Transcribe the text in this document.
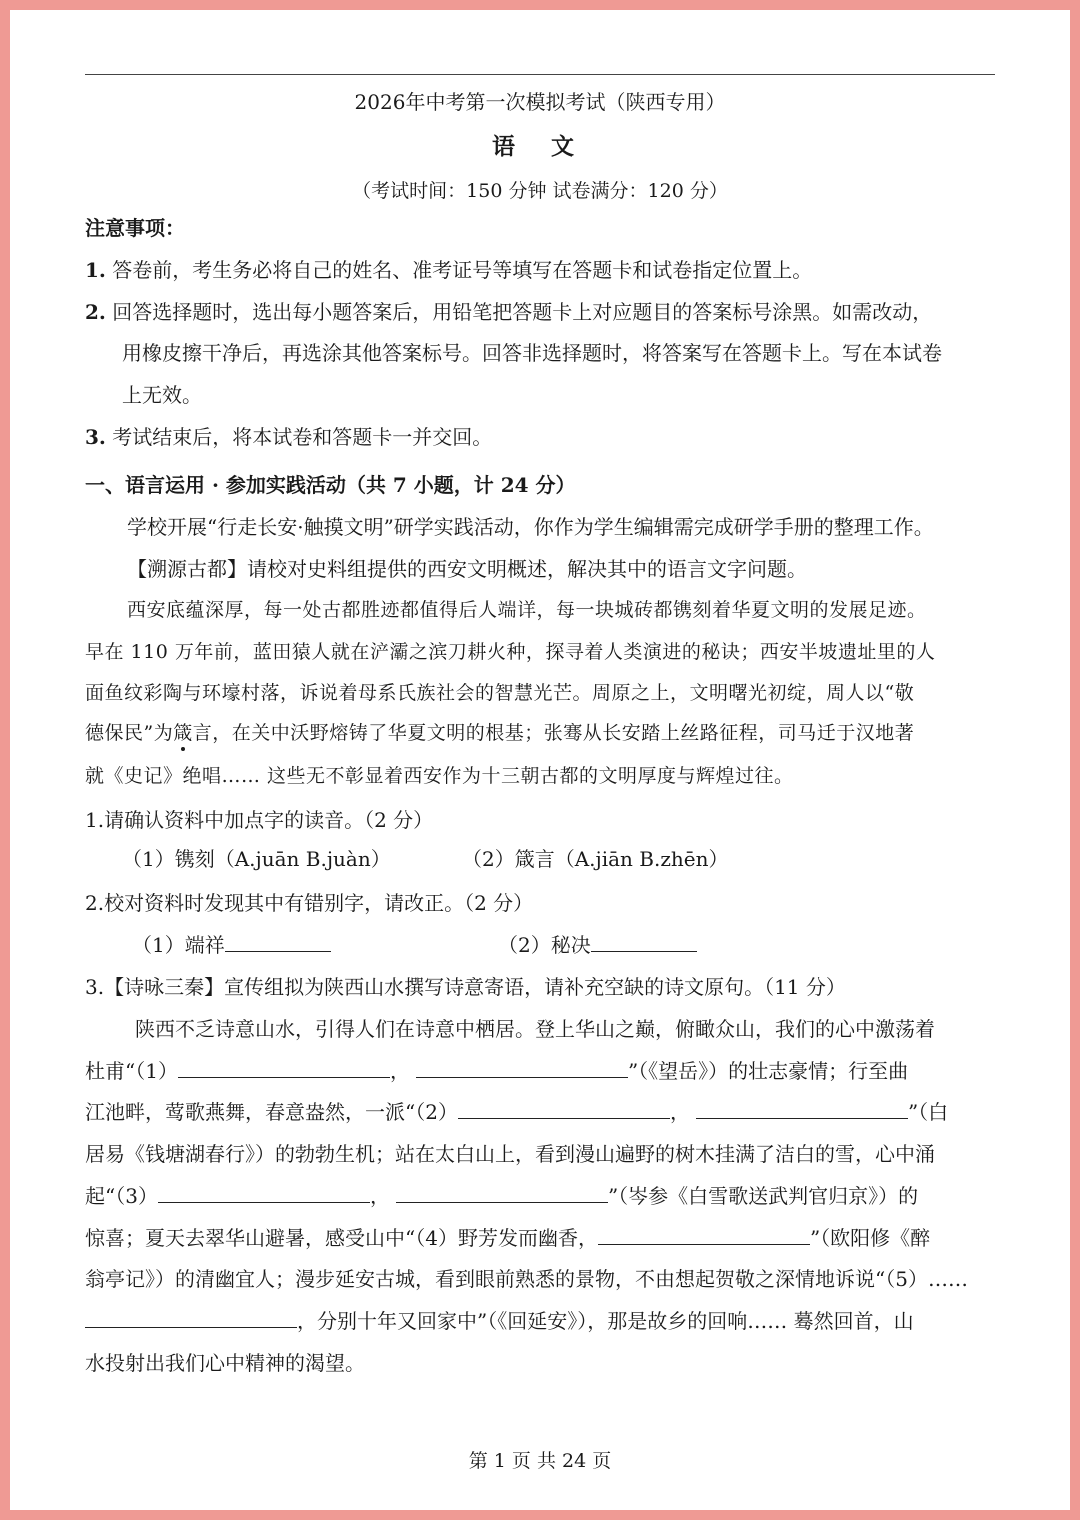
2026年中考第一次模拟考试（陕西专用）
语 文
（考试时间：150 分钟 试卷满分：120 分）
注意事项：
1. 答卷前，考生务必将自己的姓名、准考证号等填写在答题卡和试卷指定位置上。
2. 回答选择题时，选出每小题答案后，用铅笔把答题卡上对应题目的答案标号涂黑。如需改动，
用橡皮擦干净后，再选涂其他答案标号。回答非选择题时，将答案写在答题卡上。写在本试卷
上无效。
3. 考试结束后，将本试卷和答题卡一并交回。
一、语言运用 · 参加实践活动（共 7 小题，计 24 分）
学校开展“行走长安·触摸文明”研学实践活动，你作为学生编辑需完成研学手册的整理工作。
【溯源古都】请校对史料组提供的西安文明概述，解决其中的语言文字问题。
西安底蕴深厚，每一处古都胜迹都值得后人端详，每一块城砖都镌刻着华夏文明的发展足迹。
早在 110 万年前，蓝田猿人就在浐灞之滨刀耕火种，探寻着人类演进的秘诀；西安半坡遗址里的人
面鱼纹彩陶与环壕村落，诉说着母系氏族社会的智慧光芒。周原之上，文明曙光初绽，周人以“敬
德保民”为箴言，在关中沃野熔铸了华夏文明的根基；张骞从长安踏上丝路征程，司马迁于汉地著
就《史记》绝唱…… 这些无不彰显着西安作为十三朝古都的文明厚度与辉煌过往。
1.请确认资料中加点字的读音。（2 分）
（1）镌刻（A.juān B.juàn）	（2）箴言（A.jiān B.zhēn）
2.校对资料时发现其中有错别字，请改正。（2 分）
（1）端祥	（2）秘决
3.【诗咏三秦】宣传组拟为陕西山水撰写诗意寄语，请补充空缺的诗文原句。（11 分）
陕西不乏诗意山水，引得人们在诗意中栖居。登上华山之巅，俯瞰众山，我们的心中激荡着
杜甫“（1）	，	”（《望岳》）的壮志豪情；行至曲
江池畔，莺歌燕舞，春意盎然，一派“（2）	，	”（白
居易《钱塘湖春行》）的勃勃生机；站在太白山上，看到漫山遍野的树木挂满了洁白的雪，心中涌
起“（3）	，	”（岑参《白雪歌送武判官归京》）的
惊喜；夏天去翠华山避暑，感受山中“（4）野芳发而幽香，	”（欧阳修《醉
翁亭记》）的清幽宜人；漫步延安古城，看到眼前熟悉的景物，不由想起贺敬之深情地诉说“（5）……
，分别十年又回家中”（《回延安》），那是故乡的回响…… 蓦然回首，山
水投射出我们心中精神的渴望。
第 1 页 共 24 页
